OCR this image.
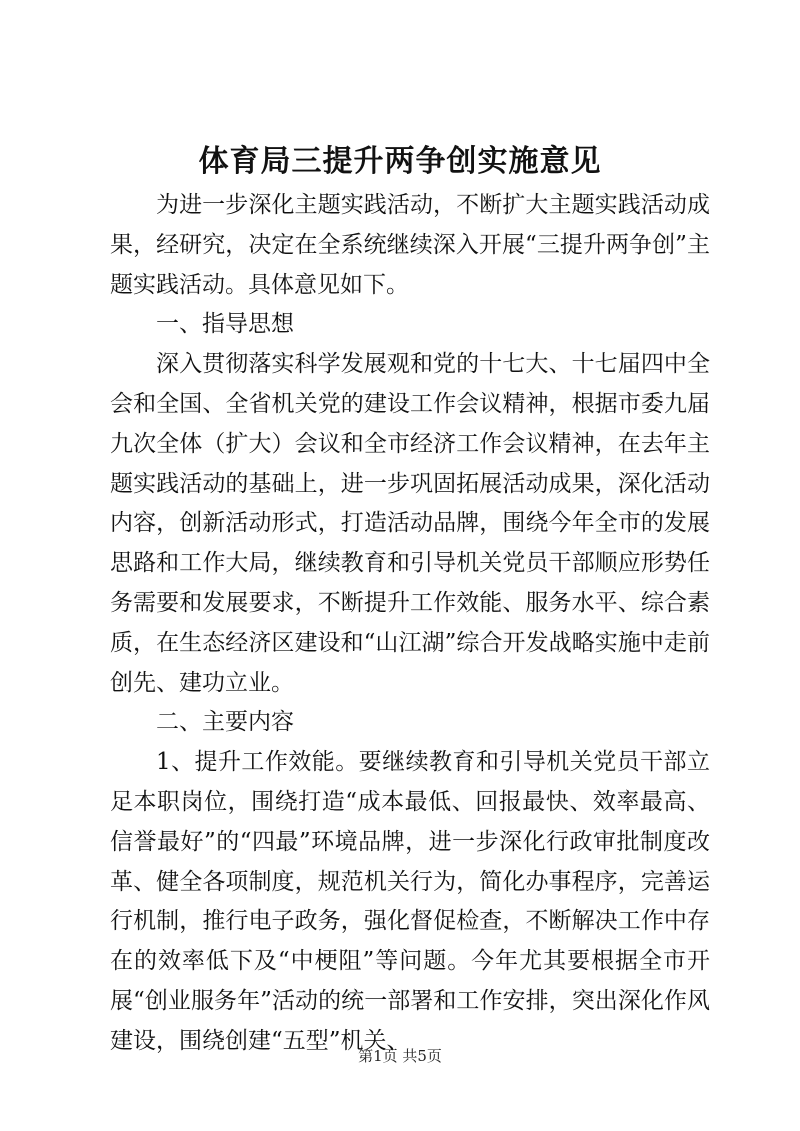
体育局三提升两争创实施意见

为进一步深化主题实践活动，不断扩大主题实践活动成果，经研究，决定在全系统继续深入开展“三提升两争创”主题实践活动。具体意见如下。

一、指导思想

深入贯彻落实科学发展观和党的十七大、十七届四中全会和全国、全省机关党的建设工作会议精神，根据市委九届九次全体（扩大）会议和全市经济工作会议精神，在去年主题实践活动的基础上，进一步巩固拓展活动成果，深化活动内容，创新活动形式，打造活动品牌，围绕今年全市的发展思路和工作大局，继续教育和引导机关党员干部顺应形势任务需要和发展要求，不断提升工作效能、服务水平、综合素质，在生态经济区建设和“山江湖”综合开发战略实施中走前创先、建功立业。

二、主要内容

1、提升工作效能。要继续教育和引导机关党员干部立足本职岗位，围绕打造“成本最低、回报最快、效率最高、信誉最好”的“四最”环境品牌，进一步深化行政审批制度改革、健全各项制度，规范机关行为，简化办事程序，完善运行机制，推行电子政务，强化督促检查，不断解决工作中存在的效率低下及“中梗阻”等问题。今年尤其要根据全市开展“创业服务年”活动的统一部署和工作安排，突出深化作风建设，围绕创建“五型”机关、

第1页 共5页
